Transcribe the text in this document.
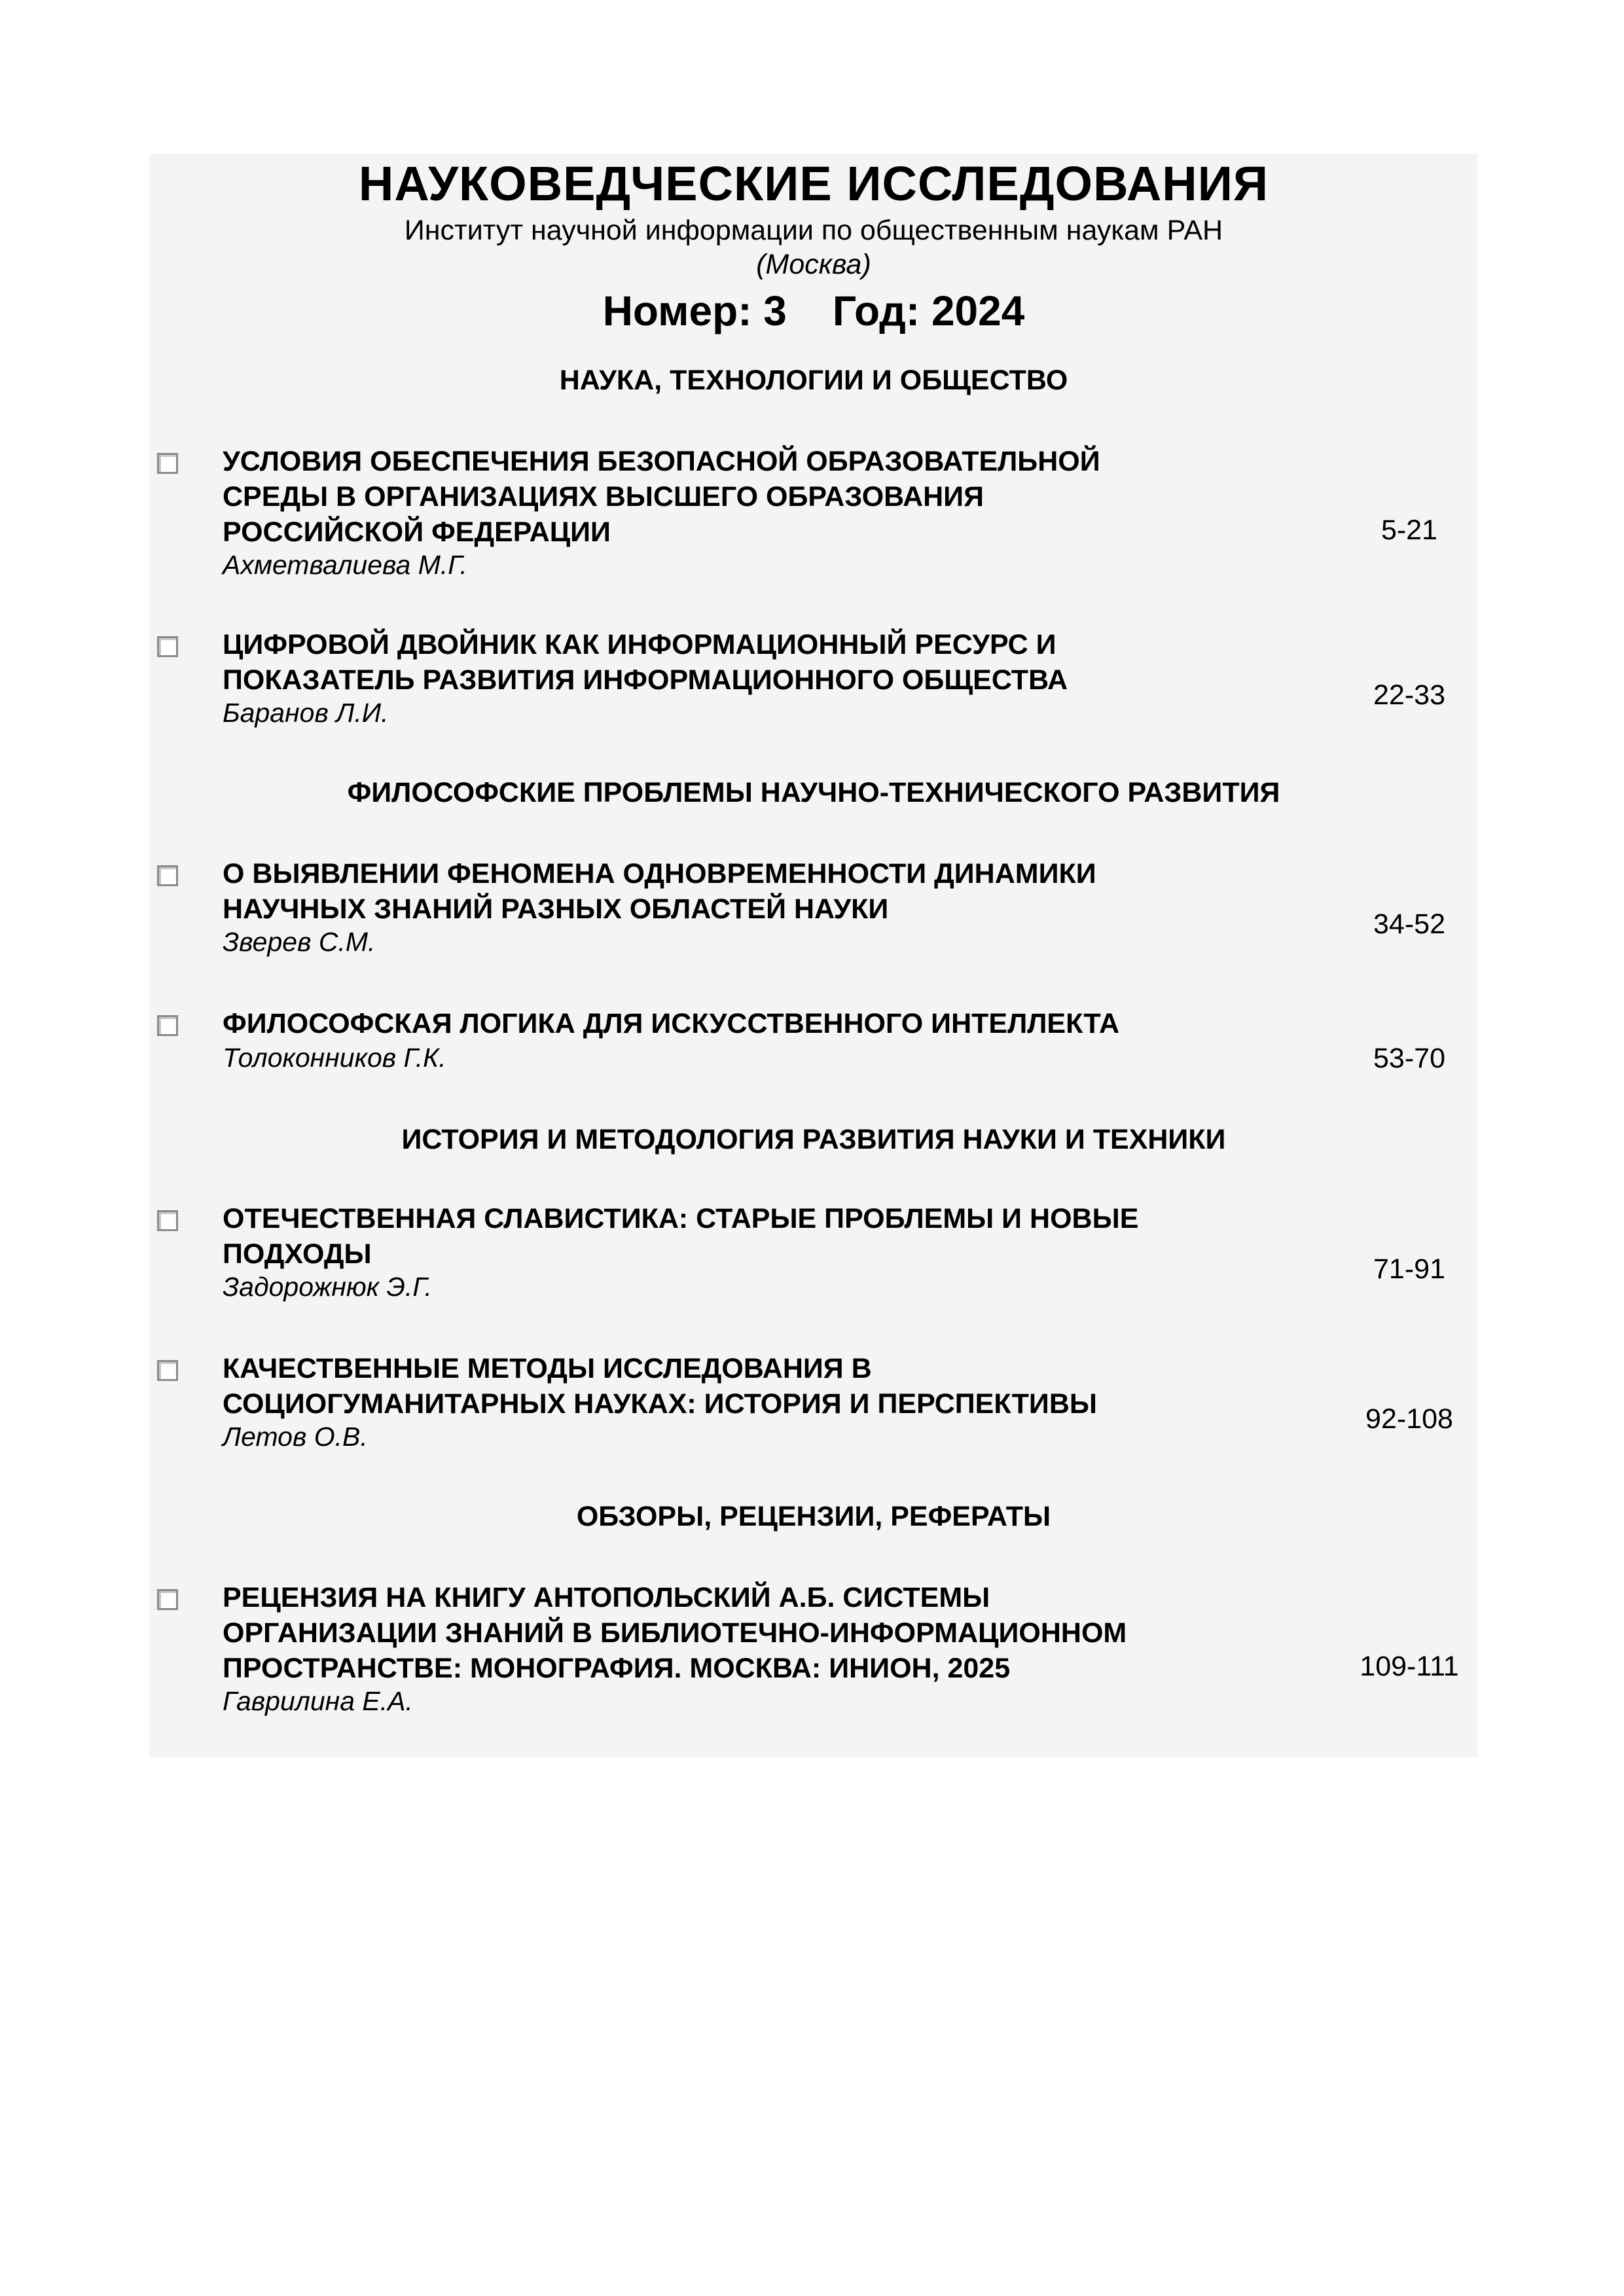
НАУКОВЕДЧЕСКИЕ ИССЛЕДОВАНИЯ
Институт научной информации по общественным наукам РАН
(Москва)
Номер: 3 Год: 2024
НАУКА, ТЕХНОЛОГИИ И ОБЩЕСТВО
УСЛОВИЯ ОБЕСПЕЧЕНИЯ БЕЗОПАСНОЙ ОБРАЗОВАТЕЛЬНОЙ
СРЕДЫ В ОРГАНИЗАЦИЯХ ВЫСШЕГО ОБРАЗОВАНИЯ
РОССИЙСКОЙ ФЕДЕРАЦИИ
Ахметвалиева М.Г.
5-21
ЦИФРОВОЙ ДВОЙНИК КАК ИНФОРМАЦИОННЫЙ РЕСУРС И
ПОКАЗАТЕЛЬ РАЗВИТИЯ ИНФОРМАЦИОННОГО ОБЩЕСТВА
Баранов Л.И.
22-33
ФИЛОСОФСКИЕ ПРОБЛЕМЫ НАУЧНО-ТЕХНИЧЕСКОГО РАЗВИТИЯ
О ВЫЯВЛЕНИИ ФЕНОМЕНА ОДНОВРЕМЕННОСТИ ДИНАМИКИ
НАУЧНЫХ ЗНАНИЙ РАЗНЫХ ОБЛАСТЕЙ НАУКИ
Зверев С.М.
34-52
ФИЛОСОФСКАЯ ЛОГИКА ДЛЯ ИСКУССТВЕННОГО ИНТЕЛЛЕКТА
Толоконников Г.К.	53-70
ИСТОРИЯ И МЕТОДОЛОГИЯ РАЗВИТИЯ НАУКИ И ТЕХНИКИ
ОТЕЧЕСТВЕННАЯ СЛАВИСТИКА: СТАРЫЕ ПРОБЛЕМЫ И НОВЫЕ
ПОДХОДЫ
Задорожнюк Э.Г.
71-91
КАЧЕСТВЕННЫЕ МЕТОДЫ ИССЛЕДОВАНИЯ В
СОЦИОГУМАНИТАРНЫХ НАУКАХ: ИСТОРИЯ И ПЕРСПЕКТИВЫ
Летов О.В.
92-108
ОБЗОРЫ, РЕЦЕНЗИИ, РЕФЕРАТЫ
РЕЦЕНЗИЯ НА КНИГУ АНТОПОЛЬСКИЙ А.Б. СИСТЕМЫ
ОРГАНИЗАЦИИ ЗНАНИЙ В БИБЛИОТЕЧНО-ИНФОРМАЦИОННОМ
ПРОСТРАНСТВЕ: МОНОГРАФИЯ. МОСКВА: ИНИОН, 2025
Гаврилина Е.А.
109-111
